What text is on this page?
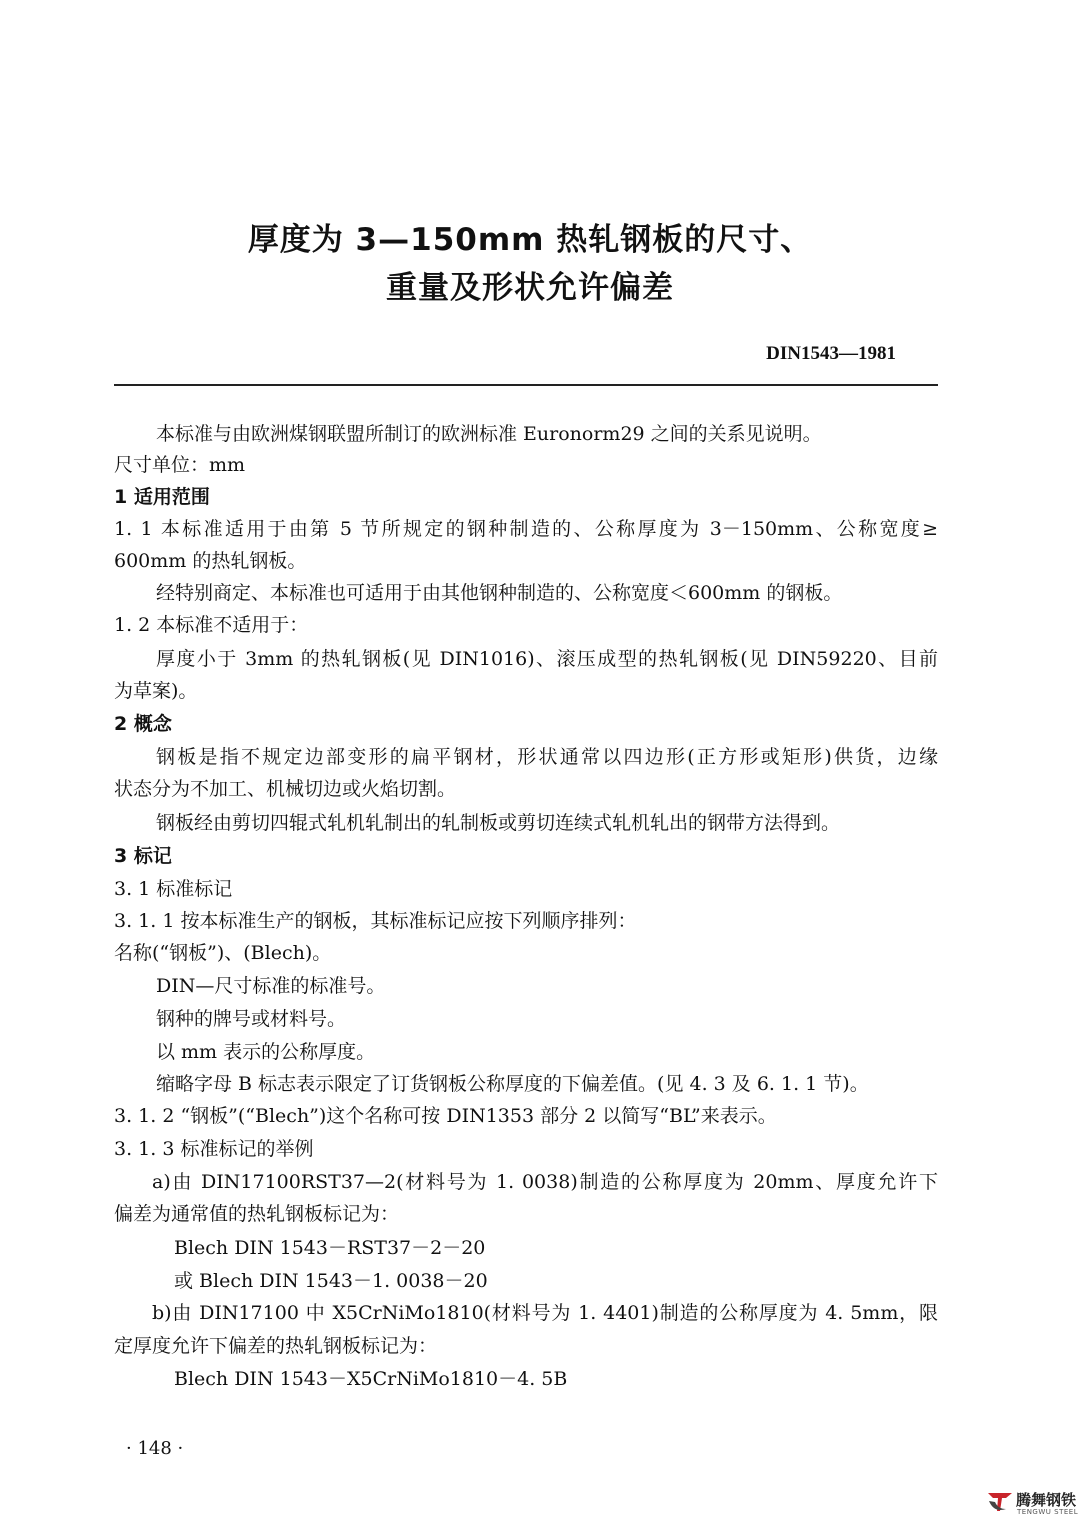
厚度为 3—150mm 热轧钢板的尺寸、
重量及形状允许偏差
DIN1543—1981
本标准与由欧洲煤钢联盟所制订的欧洲标准 Euronorm29 之间的关系见说明。
尺寸单位：mm
1 适用范围
1. 1 本标准适用于由第 5 节所规定的钢种制造的、公称厚度为 3－150mm、公称宽度≥
600mm 的热轧钢板。
经特别商定、本标准也可适用于由其他钢种制造的、公称宽度＜600mm 的钢板。
1. 2 本标准不适用于：
厚度小于 3mm 的热轧钢板(见 DIN1016)、滚压成型的热轧钢板(见 DIN59220、目前
为草案)。
2 概念
钢板是指不规定边部变形的扁平钢材，形状通常以四边形(正方形或矩形)供货，边缘
状态分为不加工、机械切边或火焰切割。
钢板经由剪切四辊式轧机轧制出的轧制板或剪切连续式轧机轧出的钢带方法得到。
3 标记
3. 1 标准标记
3. 1. 1 按本标准生产的钢板，其标准标记应按下列顺序排列：
名称(“钢板”)、(Blech)。
DIN—尺寸标准的标准号。
钢种的牌号或材料号。
以 mm 表示的公称厚度。
缩略字母 B 标志表示限定了订货钢板公称厚度的下偏差值。(见 4. 3 及 6. 1. 1 节)。
3. 1. 2 “钢板”(“Blech”)这个名称可按 DIN1353 部分 2 以简写“BL”来表示。
3. 1. 3 标准标记的举例
a)由 DIN17100RST37—2(材料号为 1. 0038)制造的公称厚度为 20mm、厚度允许下
偏差为通常值的热轧钢板标记为：
Blech DIN 1543－RST37－2－20
或 Blech DIN 1543－1. 0038－20
b)由 DIN17100 中 X5CrNiMo1810(材料号为 1. 4401)制造的公称厚度为 4. 5mm，限
定厚度允许下偏差的热轧钢板标记为：
Blech DIN 1543－X5CrNiMo1810－4. 5B
· 148 ·
腾舞钢铁
TENGWU STEEL
